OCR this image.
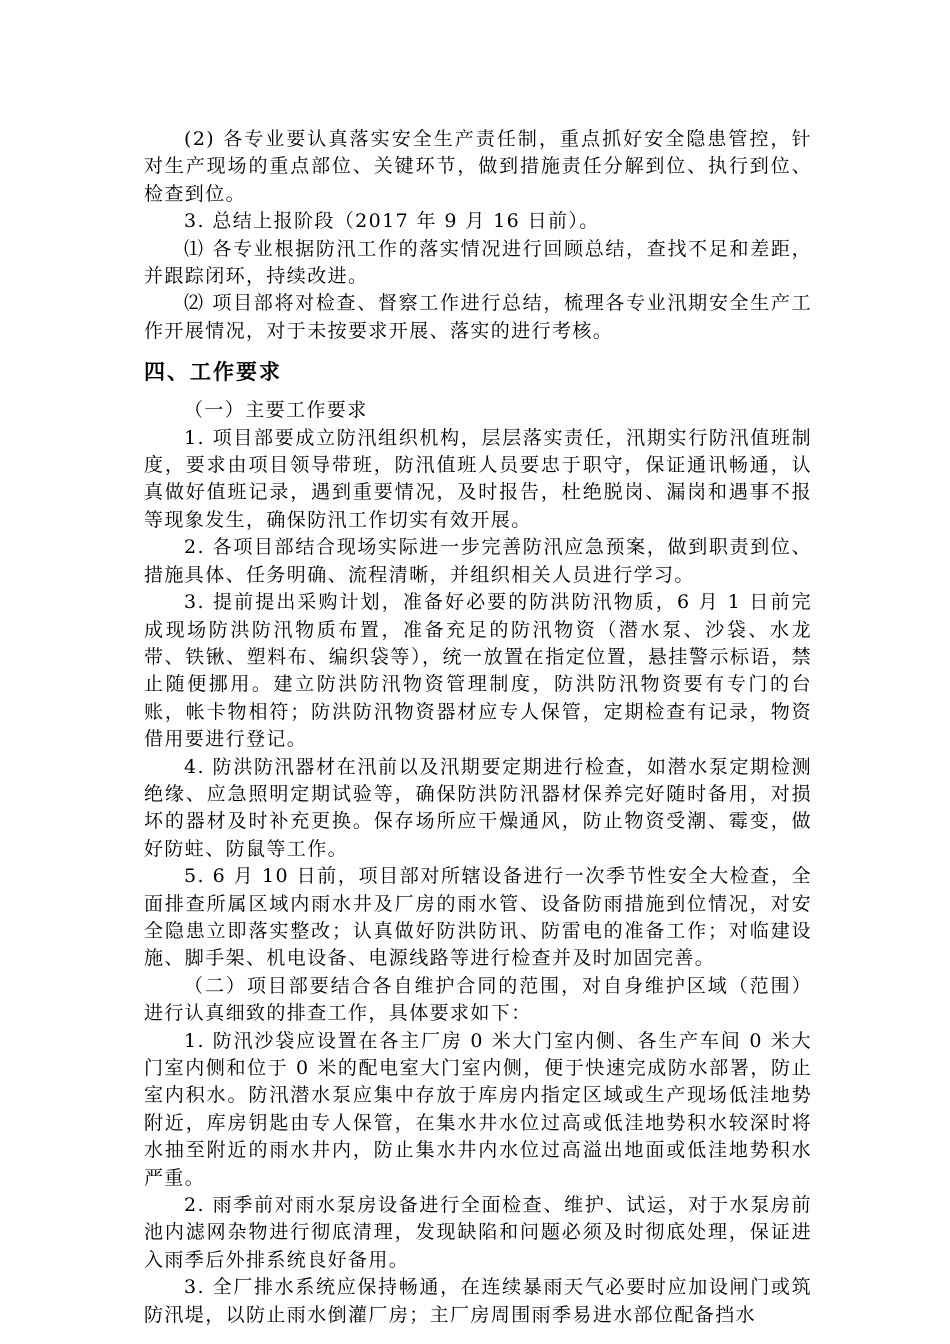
(2) 各专业要认真落实安全生产责任制，重点抓好安全隐患管控，针对生产现场的重点部位、关键环节，做到措施责任分解到位、执行到位、检查到位。

3. 总结上报阶段（2017 年 9 月 16 日前）。

⑴ 各专业根据防汛工作的落实情况进行回顾总结，查找不足和差距，并跟踪闭环，持续改进。

⑵ 项目部将对检查、督察工作进行总结，梳理各专业汛期安全生产工作开展情况，对于未按要求开展、落实的进行考核。

四、工作要求

（一）主要工作要求

1. 项目部要成立防汛组织机构，层层落实责任，汛期实行防汛值班制度，要求由项目领导带班，防汛值班人员要忠于职守，保证通讯畅通，认真做好值班记录，遇到重要情况，及时报告，杜绝脱岗、漏岗和遇事不报等现象发生，确保防汛工作切实有效开展。

2. 各项目部结合现场实际进一步完善防汛应急预案，做到职责到位、措施具体、任务明确、流程清晰，并组织相关人员进行学习。

3. 提前提出采购计划，准备好必要的防洪防汛物质，6 月 1 日前完成现场防洪防汛物质布置，准备充足的防汛物资（潜水泵、沙袋、水龙带、铁锹、塑料布、编织袋等），统一放置在指定位置，悬挂警示标语，禁止随便挪用。建立防洪防汛物资管理制度，防洪防汛物资要有专门的台账，帐卡物相符；防洪防汛物资器材应专人保管，定期检查有记录，物资借用要进行登记。

4. 防洪防汛器材在汛前以及汛期要定期进行检查，如潜水泵定期检测绝缘、应急照明定期试验等，确保防洪防汛器材保养完好随时备用，对损坏的器材及时补充更换。保存场所应干燥通风，防止物资受潮、霉变，做好防蛀、防鼠等工作。

5. 6 月 10 日前，项目部对所辖设备进行一次季节性安全大检查，全面排查所属区域内雨水井及厂房的雨水管、设备防雨措施到位情况，对安全隐患立即落实整改；认真做好防洪防讯、防雷电的准备工作；对临建设施、脚手架、机电设备、电源线路等进行检查并及时加固完善。

（二）项目部要结合各自维护合同的范围，对自身维护区域（范围）进行认真细致的排查工作，具体要求如下：

1. 防汛沙袋应设置在各主厂房 0 米大门室内侧、各生产车间 0 米大门室内侧和位于 0 米的配电室大门室内侧，便于快速完成防水部署，防止室内积水。防汛潜水泵应集中存放于库房内指定区域或生产现场低洼地势附近，库房钥匙由专人保管，在集水井水位过高或低洼地势积水较深时将水抽至附近的雨水井内，防止集水井内水位过高溢出地面或低洼地势积水严重。

2. 雨季前对雨水泵房设备进行全面检查、维护、试运，对于水泵房前池内滤网杂物进行彻底清理，发现缺陷和问题必须及时彻底处理，保证进入雨季后外排系统良好备用。

3. 全厂排水系统应保持畅通，在连续暴雨天气必要时应加设闸门或筑防汛堤，以防止雨水倒灌厂房；主厂房周围雨季易进水部位配备挡水
